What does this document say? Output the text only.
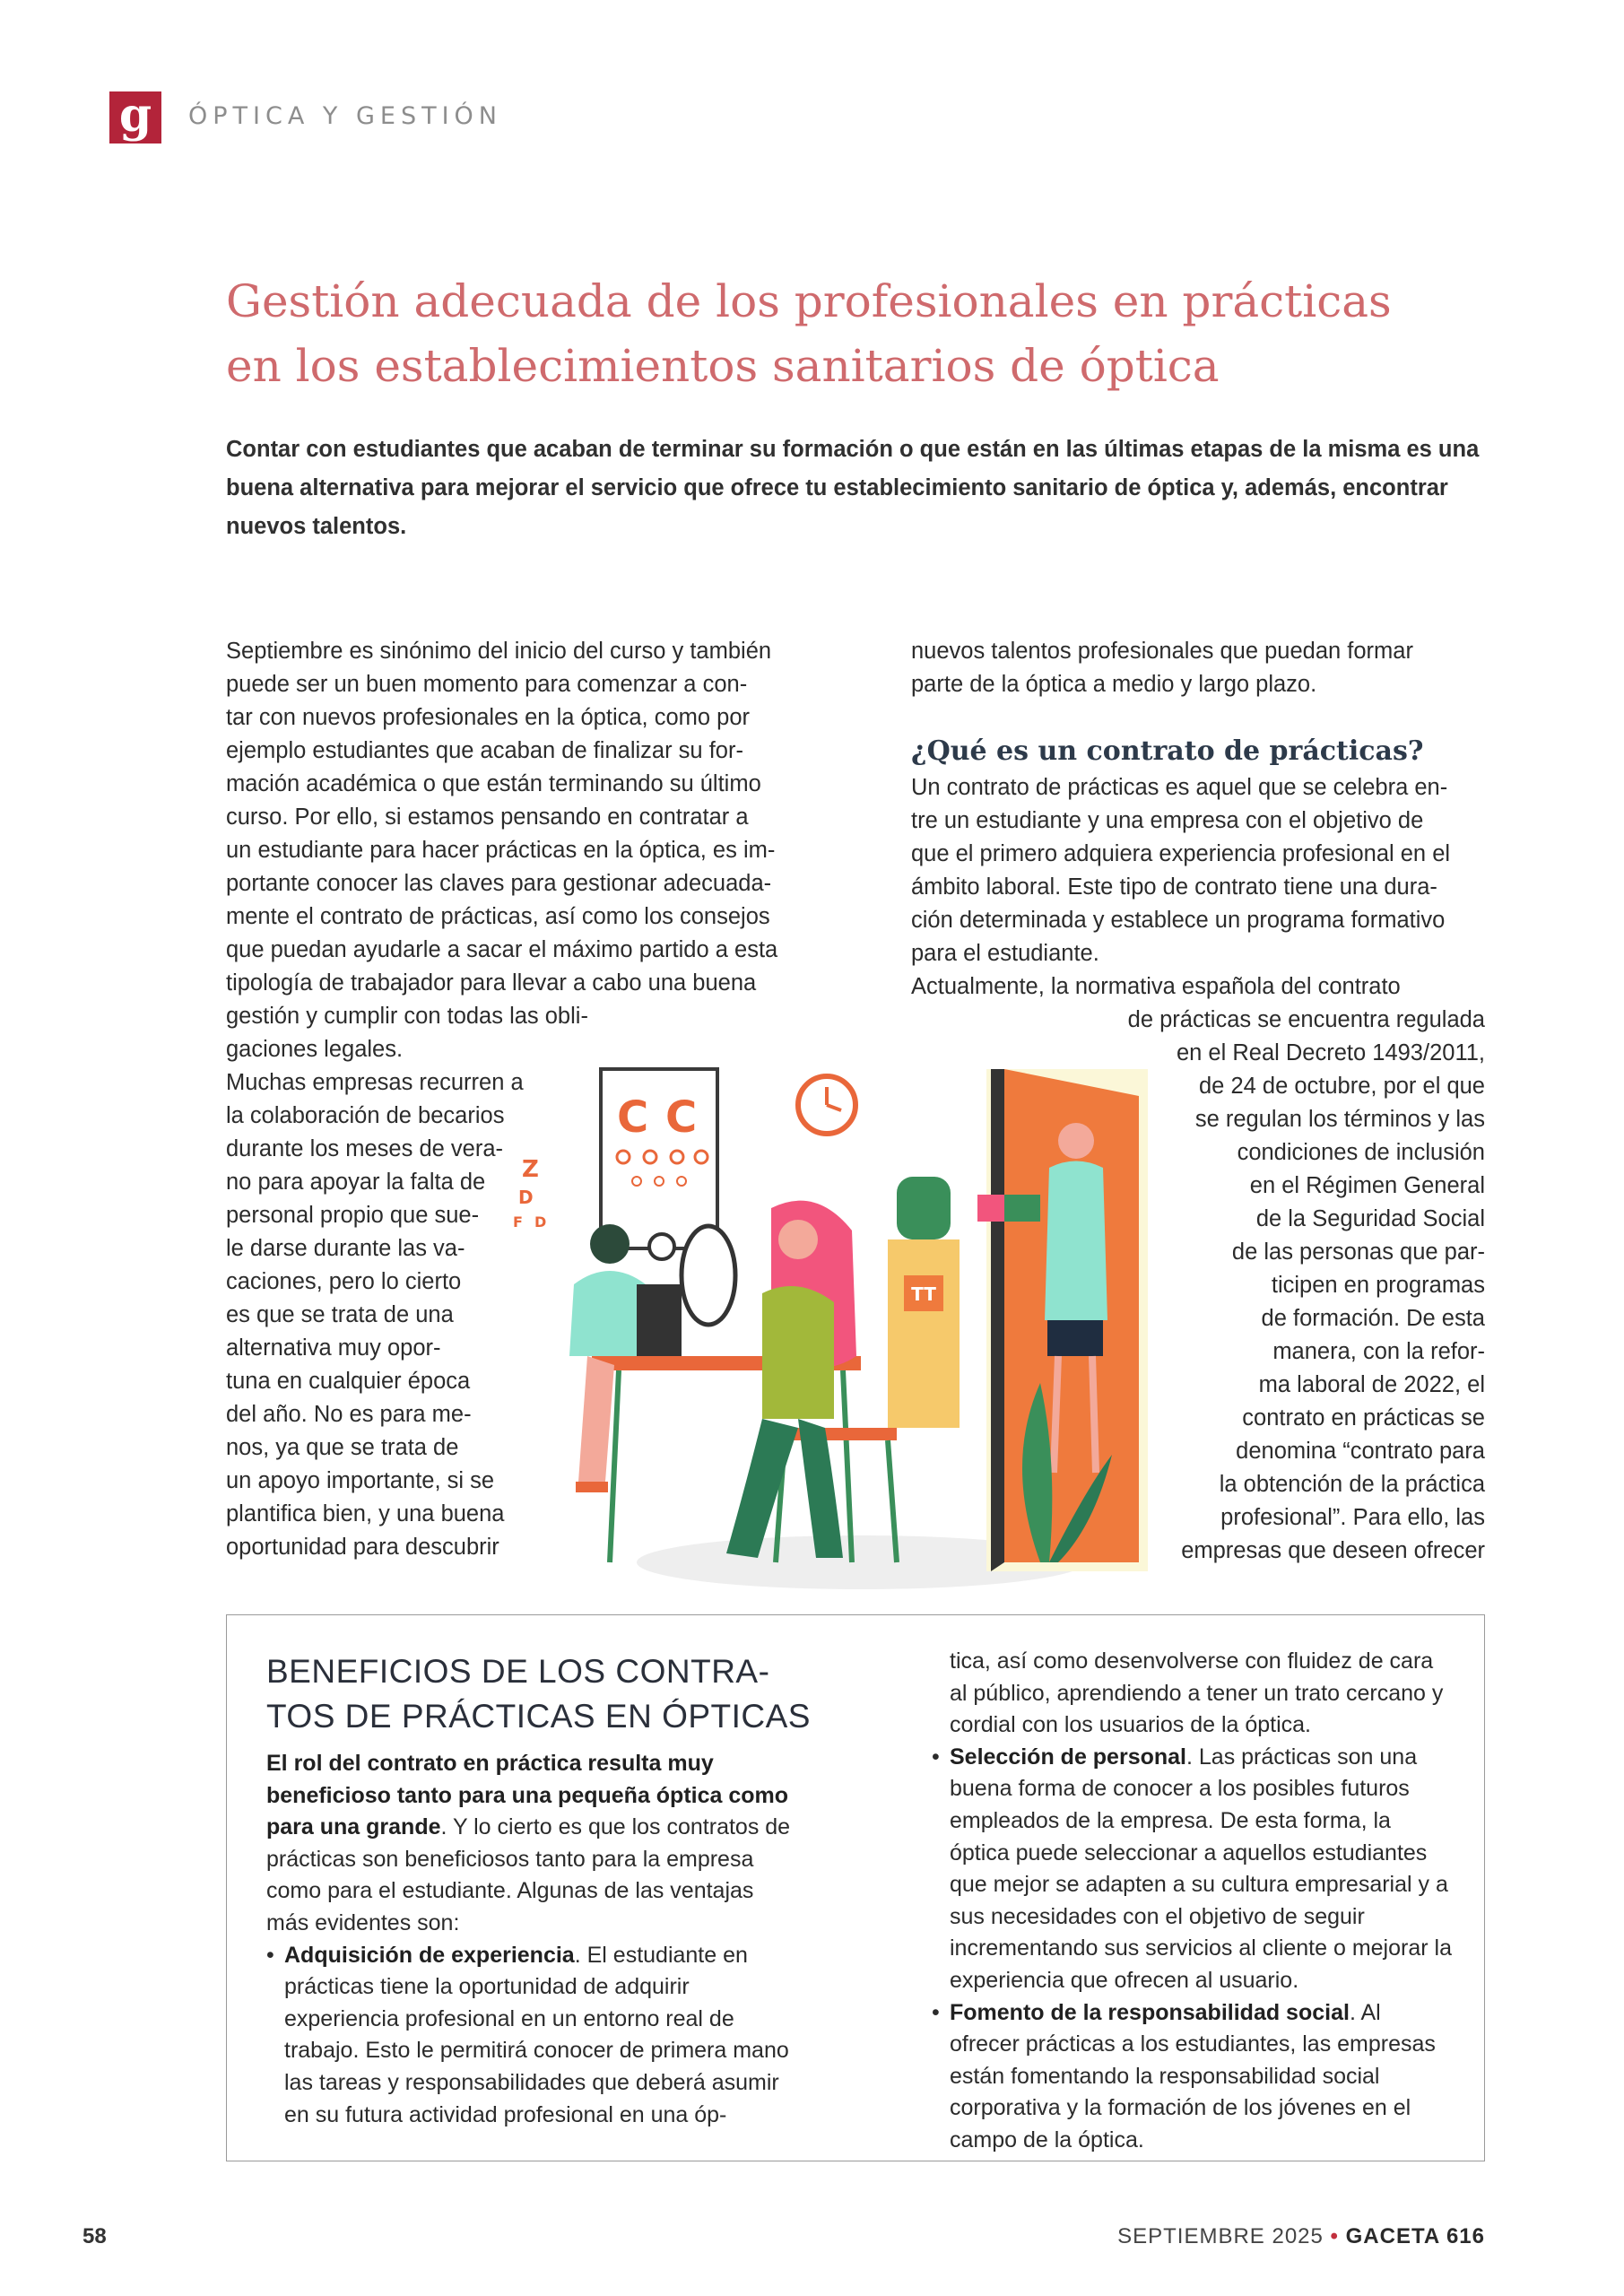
g ÓPTICA Y GESTIÓN
Gestión adecuada de los profesionales en prácticas
en los establecimientos sanitarios de óptica

Contar con estudiantes que acaban de terminar su formación o que están en las últimas etapas de la misma es una buena alternativa para mejorar el servicio que ofrece tu establecimiento sanitario de óptica y, además, encontrar nuevos talentos.

Septiembre es sinónimo del inicio del curso y también
puede ser un buen momento para comenzar a con-
tar con nuevos profesionales en la óptica, como por
ejemplo estudiantes que acaban de finalizar su for-
mación académica o que están terminando su último
curso. Por ello, si estamos pensando en contratar a
un estudiante para hacer prácticas en la óptica, es im-
portante conocer las claves para gestionar adecuada-
mente el contrato de prácticas, así como los consejos
que puedan ayudarle a sacar el máximo partido a esta
tipología de trabajador para llevar a cabo una buena
gestión y cumplir con todas las obli-
gaciones legales.
Muchas empresas recurren a
la colaboración de becarios
durante los meses de vera-
no para apoyar la falta de
personal propio que sue-
le darse durante las va-
caciones, pero lo cierto
es que se trata de una
alternativa muy opor-
tuna en cualquier época
del año. No es para me-
nos, ya que se trata de
un apoyo importante, si se
plantifica bien, y una buena
oportunidad para descubrir
nuevos talentos profesionales que puedan formar
parte de la óptica a medio y largo plazo.
¿Qué es un contrato de prácticas?
Un contrato de prácticas es aquel que se celebra en-
tre un estudiante y una empresa con el objetivo de
que el primero adquiera experiencia profesional en el
ámbito laboral. Este tipo de contrato tiene una dura-
ción determinada y establece un programa formativo
para el estudiante.
Actualmente, la normativa española del contrato
de prácticas se encuentra regulada
en el Real Decreto 1493/2011,
de 24 de octubre, por el que
se regulan los términos y las
condiciones de inclusión
en el Régimen General
de la Seguridad Social
de las personas que par-
ticipen en programas
de formación. De esta
manera, con la refor-
ma laboral de 2022, el
contrato en prácticas se
denomina “contrato para
la obtención de la práctica
profesional”. Para ello, las
empresas que deseen ofrecer
C C
Z
D
F D
TT
BENEFICIOS DE LOS CONTRA-
TOS DE PRÁCTICAS EN ÓPTICAS
El rol del contrato en práctica resulta muy beneficioso tanto para una pequeña óptica como para una grande. Y lo cierto es que los contratos de prácticas son beneficiosos tanto para la empresa como para el estudiante. Algunas de las ventajas más evidentes son:
• Adquisición de experiencia. El estudiante en prácticas tiene la oportunidad de adquirir experiencia profesional en un entorno real de trabajo. Esto le permitirá conocer de primera mano las tareas y responsabilidades que deberá asumir en su futura actividad profesional en una óp-
tica, así como desenvolverse con fluidez de cara al público, aprendiendo a tener un trato cercano y cordial con los usuarios de la óptica.
• Selección de personal. Las prácticas son una buena forma de conocer a los posibles futuros empleados de la empresa. De esta forma, la óptica puede seleccionar a aquellos estudiantes que mejor se adapten a su cultura empresarial y a sus necesidades con el objetivo de seguir incrementando sus servicios al cliente o mejorar la experiencia que ofrecen al usuario.
• Fomento de la responsabilidad social. Al ofrecer prácticas a los estudiantes, las empresas están fomentando la responsabilidad social corporativa y la formación de los jóvenes en el campo de la óptica.
58	SEPTIEMBRE 2025 • GACETA 616
